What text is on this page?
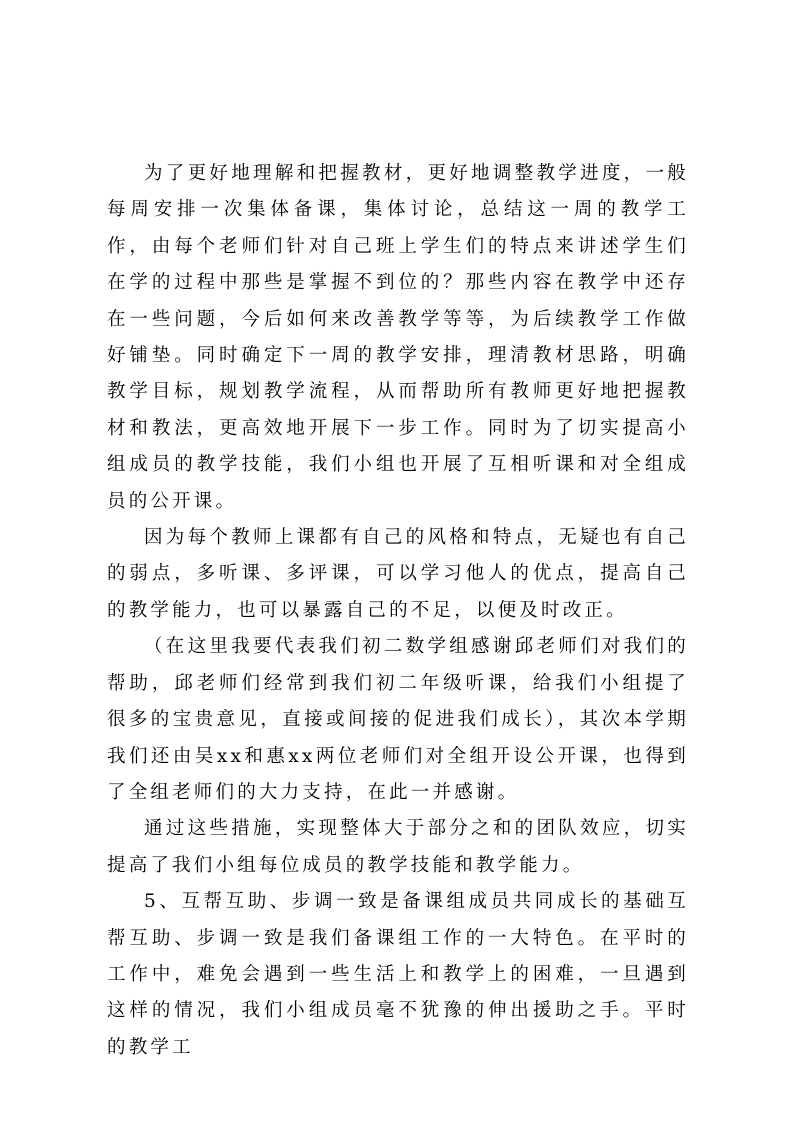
为了更好地理解和把握教材，更好地调整教学进度，一般每周安排一次集体备课，集体讨论，总结这一周的教学工作，由每个老师们针对自己班上学生们的特点来讲述学生们在学的过程中那些是掌握不到位的？那些内容在教学中还存在一些问题，今后如何来改善教学等等，为后续教学工作做好铺垫。同时确定下一周的教学安排，理清教材思路，明确教学目标，规划教学流程，从而帮助所有教师更好地把握教材和教法，更高效地开展下一步工作。同时为了切实提高小组成员的教学技能，我们小组也开展了互相听课和对全组成员的公开课。

因为每个教师上课都有自己的风格和特点，无疑也有自己的弱点，多听课、多评课，可以学习他人的优点，提高自己的教学能力，也可以暴露自己的不足，以便及时改正。

（在这里我要代表我们初二数学组感谢邱老师们对我们的帮助，邱老师们经常到我们初二年级听课，给我们小组提了很多的宝贵意见，直接或间接的促进我们成长），其次本学期我们还由吴xx和惠xx两位老师们对全组开设公开课，也得到了全组老师们的大力支持，在此一并感谢。

通过这些措施，实现整体大于部分之和的团队效应，切实提高了我们小组每位成员的教学技能和教学能力。

5、互帮互助、步调一致是备课组成员共同成长的基础互帮互助、步调一致是我们备课组工作的一大特色。在平时的工作中，难免会遇到一些生活上和教学上的困难，一旦遇到这样的情况，我们小组成员毫不犹豫的伸出援助之手。平时的教学工
